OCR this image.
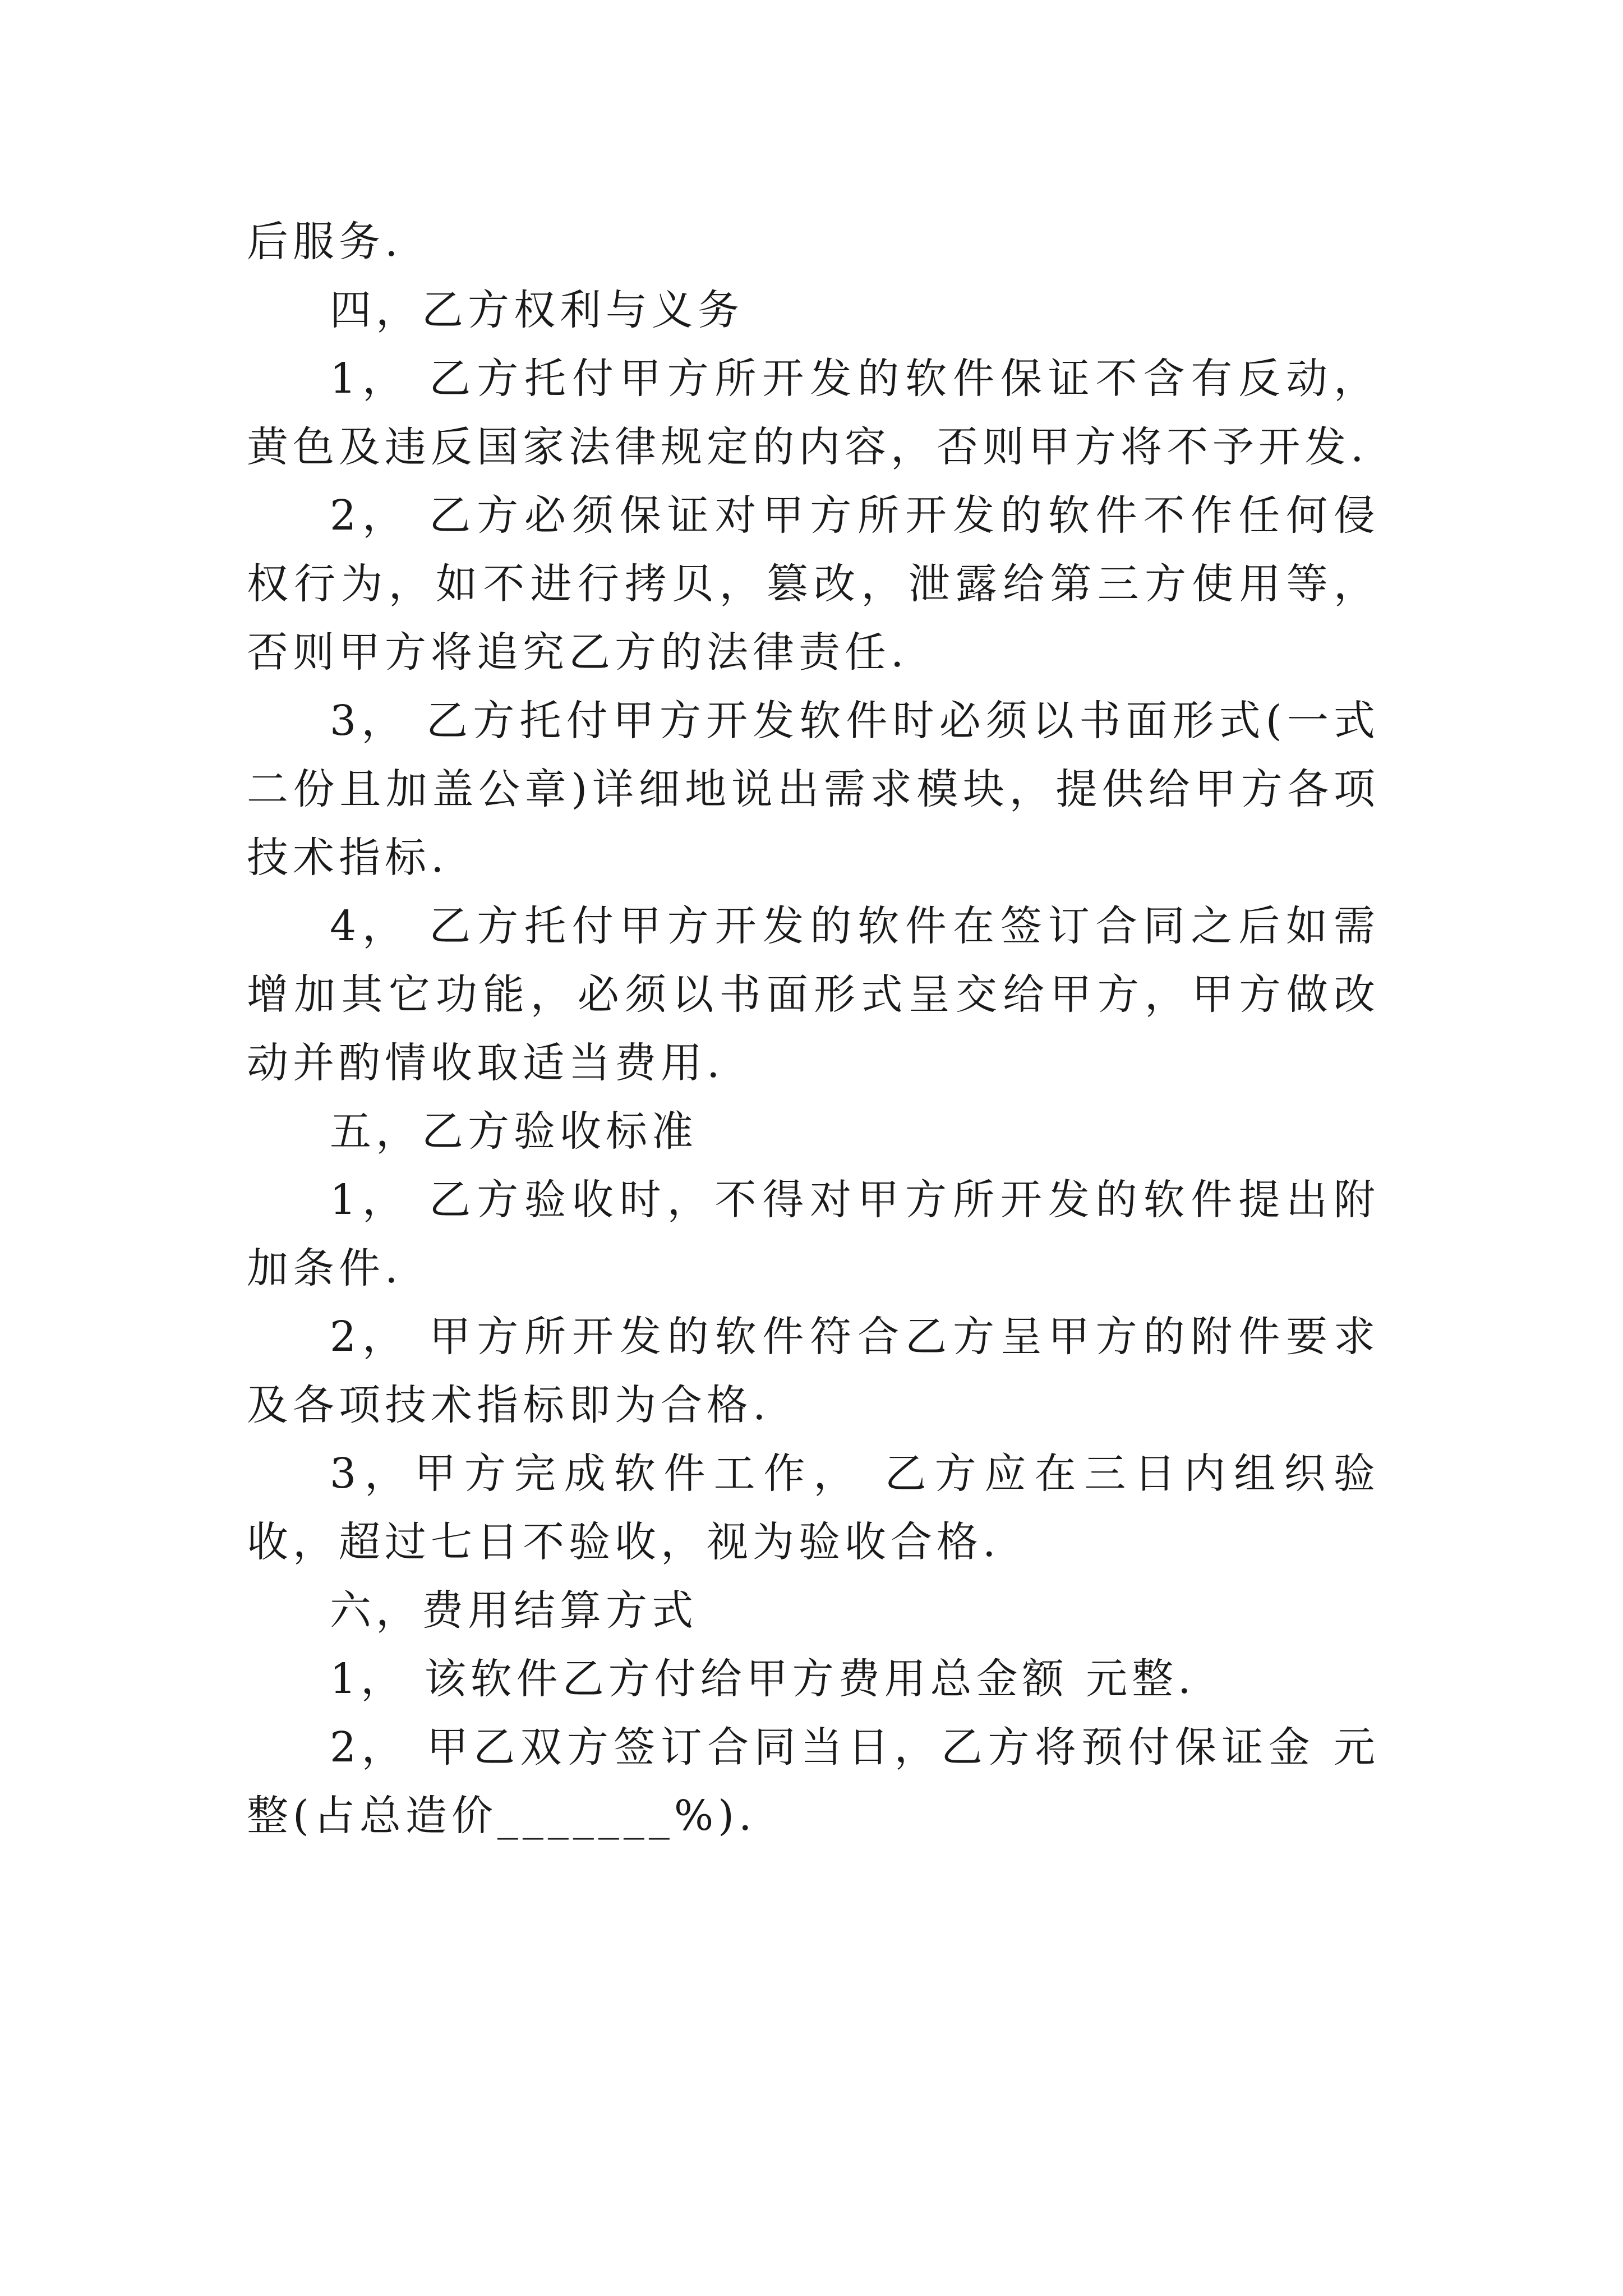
后服务.

四，乙方权利与义务

1， 乙方托付甲方所开发的软件保证不含有反动，黄色及违反国家法律规定的内容，否则甲方将不予开发.

2， 乙方必须保证对甲方所开发的软件不作任何侵权行为，如不进行拷贝，篡改，泄露给第三方使用等，否则甲方将追究乙方的法律责任.

3， 乙方托付甲方开发软件时必须以书面形式(一式二份且加盖公章)详细地说出需求模块，提供给甲方各项技术指标.

4， 乙方托付甲方开发的软件在签订合同之后如需增加其它功能，必须以书面形式呈交给甲方，甲方做改动并酌情收取适当费用.

五，乙方验收标准

1， 乙方验收时，不得对甲方所开发的软件提出附加条件.

2， 甲方所开发的软件符合乙方呈甲方的附件要求及各项技术指标即为合格.

3，甲方完成软件工作， 乙方应在三日内组织验收，超过七日不验收，视为验收合格.

六，费用结算方式

1， 该软件乙方付给甲方费用总金额 元整.

2， 甲乙双方签订合同当日，乙方将预付保证金 元整(占总造价_______%).
